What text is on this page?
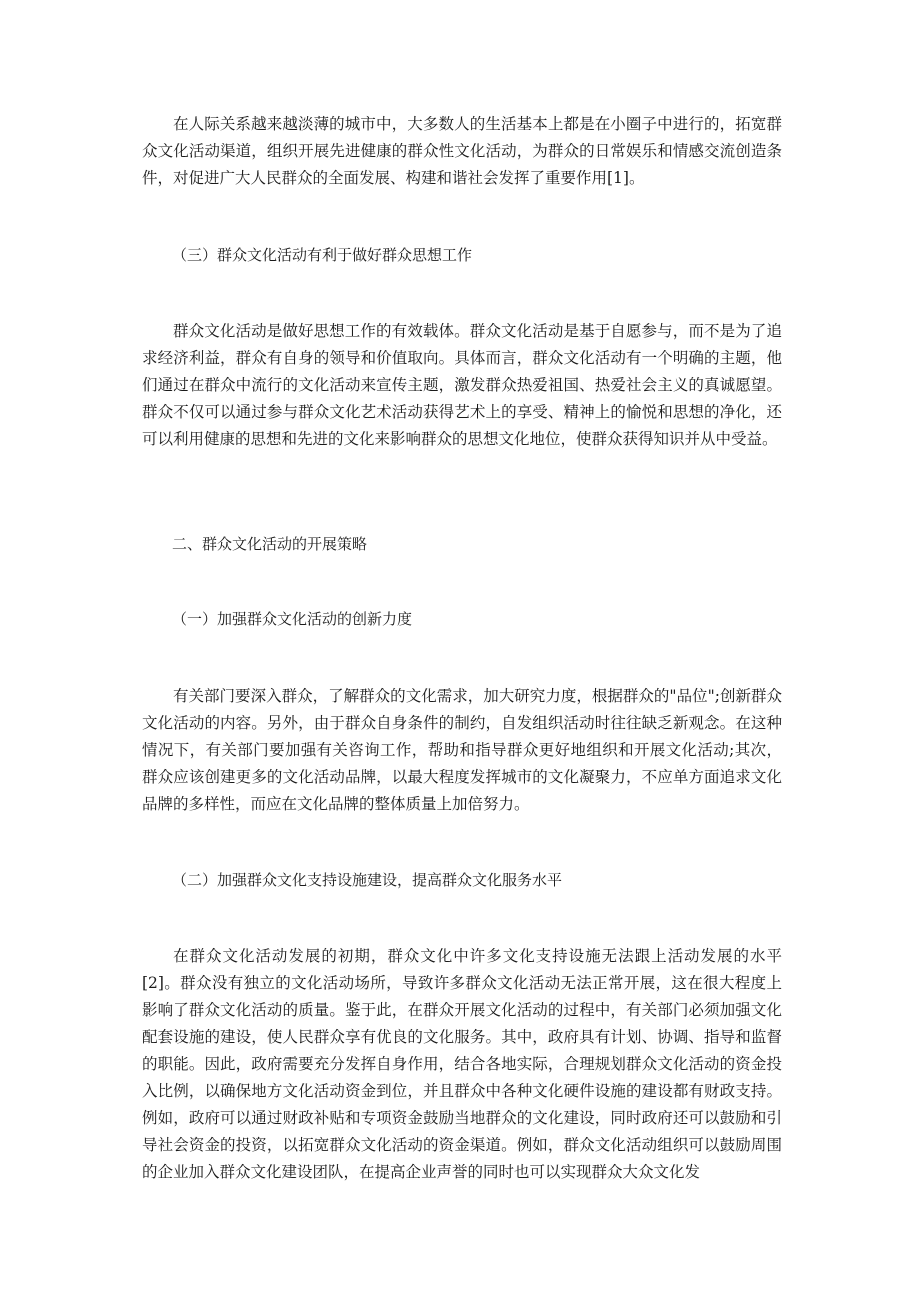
在人际关系越来越淡薄的城市中，大多数人的生活基本上都是在小圈子中进行的，拓宽群众文化活动渠道，组织开展先进健康的群众性文化活动，为群众的日常娱乐和情感交流创造条件，对促进广大人民群众的全面发展、构建和谐社会发挥了重要作用[1]。

（三）群众文化活动有利于做好群众思想工作

群众文化活动是做好思想工作的有效载体。群众文化活动是基于自愿参与，而不是为了追求经济利益，群众有自身的领导和价值取向。具体而言，群众文化活动有一个明确的主题，他们通过在群众中流行的文化活动来宣传主题，激发群众热爱祖国、热爱社会主义的真诚愿望。群众不仅可以通过参与群众文化艺术活动获得艺术上的享受、精神上的愉悦和思想的净化，还可以利用健康的思想和先进的文化来影响群众的思想文化地位，使群众获得知识并从中受益。

二、群众文化活动的开展策略
（一）加强群众文化活动的创新力度

有关部门要深入群众，了解群众的文化需求，加大研究力度，根据群众的"品位";创新群众文化活动的内容。另外，由于群众自身条件的制约，自发组织活动时往往缺乏新观念。在这种情况下，有关部门要加强有关咨询工作，帮助和指导群众更好地组织和开展文化活动;其次，群众应该创建更多的文化活动品牌，以最大程度发挥城市的文化凝聚力，不应单方面追求文化品牌的多样性，而应在文化品牌的整体质量上加倍努力。

（二）加强群众文化支持设施建设，提高群众文化服务水平

在群众文化活动发展的初期，群众文化中许多文化支持设施无法跟上活动发展的水平[2]。群众没有独立的文化活动场所，导致许多群众文化活动无法正常开展，这在很大程度上影响了群众文化活动的质量。鉴于此，在群众开展文化活动的过程中，有关部门必须加强文化配套设施的建设，使人民群众享有优良的文化服务。其中，政府具有计划、协调、指导和监督的职能。因此，政府需要充分发挥自身作用，结合各地实际，合理规划群众文化活动的资金投入比例，以确保地方文化活动资金到位，并且群众中各种文化硬件设施的建设都有财政支持。例如，政府可以通过财政补贴和专项资金鼓励当地群众的文化建设，同时政府还可以鼓励和引导社会资金的投资，以拓宽群众文化活动的资金渠道。例如，群众文化活动组织可以鼓励周围的企业加入群众文化建设团队，在提高企业声誉的同时也可以实现群众大众文化发
